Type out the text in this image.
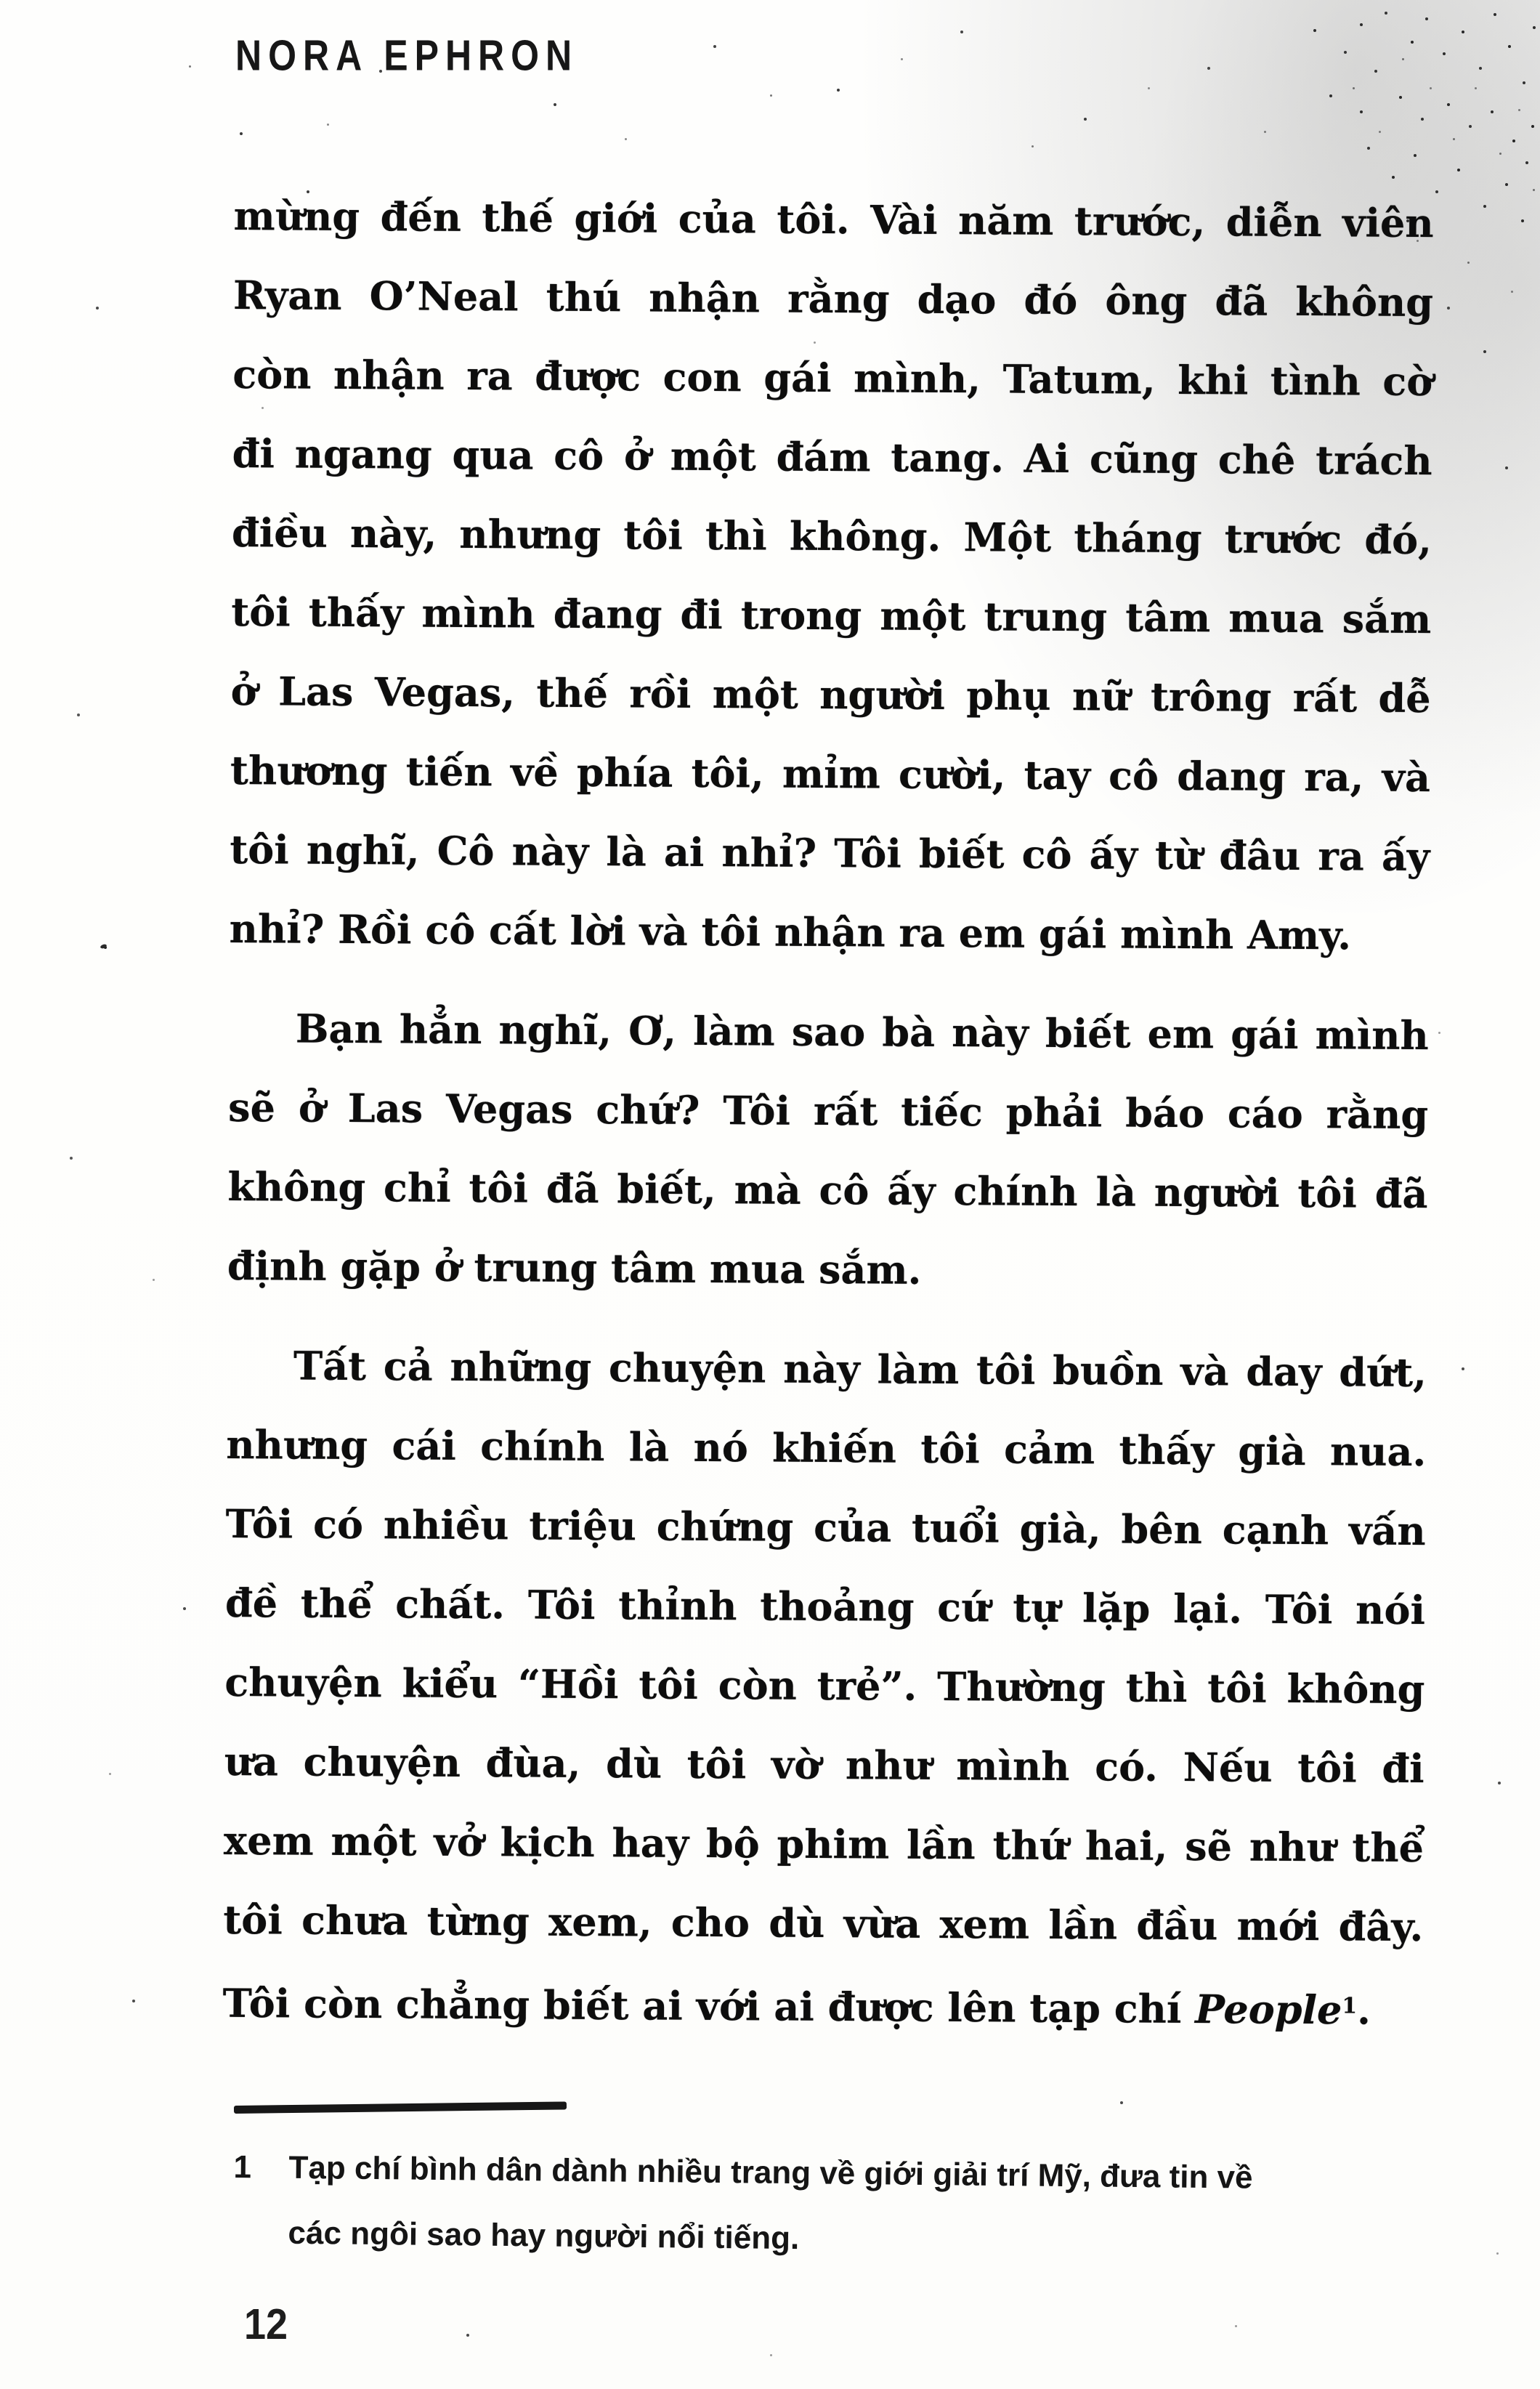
NORA EPHRON
mừng đến thế giới của tôi. Vài năm trước, diễn viên
Ryan O’Neal thú nhận rằng dạo đó ông đã không
còn nhận ra được con gái mình, Tatum, khi tình cờ
đi ngang qua cô ở một đám tang. Ai cũng chê trách
điều này, nhưng tôi thì không. Một tháng trước đó,
tôi thấy mình đang đi trong một trung tâm mua sắm
ở Las Vegas, thế rồi một người phụ nữ trông rất dễ
thương tiến về phía tôi, mỉm cười, tay cô dang ra, và
tôi nghĩ, Cô này là ai nhỉ? Tôi biết cô ấy từ đâu ra ấy
nhỉ? Rồi cô cất lời và tôi nhận ra em gái mình Amy.
Bạn hẳn nghĩ, Ơ, làm sao bà này biết em gái mình
sẽ ở Las Vegas chứ? Tôi rất tiếc phải báo cáo rằng
không chỉ tôi đã biết, mà cô ấy chính là người tôi đã
định gặp ở trung tâm mua sắm.
Tất cả những chuyện này làm tôi buồn và day dứt,
nhưng cái chính là nó khiến tôi cảm thấy già nua.
Tôi có nhiều triệu chứng của tuổi già, bên cạnh vấn
đề thể chất. Tôi thỉnh thoảng cứ tự lặp lại. Tôi nói
chuyện kiểu “Hồi tôi còn trẻ”. Thường thì tôi không
ưa chuyện đùa, dù tôi vờ như mình có. Nếu tôi đi
xem một vở kịch hay bộ phim lần thứ hai, sẽ như thể
tôi chưa từng xem, cho dù vừa xem lần đầu mới đây.
Tôi còn chẳng biết ai với ai được lên tạp chí People$^1$.
1	Tạp chí bình dân dành nhiều trang về giới giải trí Mỹ, đưa tin về
các ngôi sao hay người nổi tiếng.
12
